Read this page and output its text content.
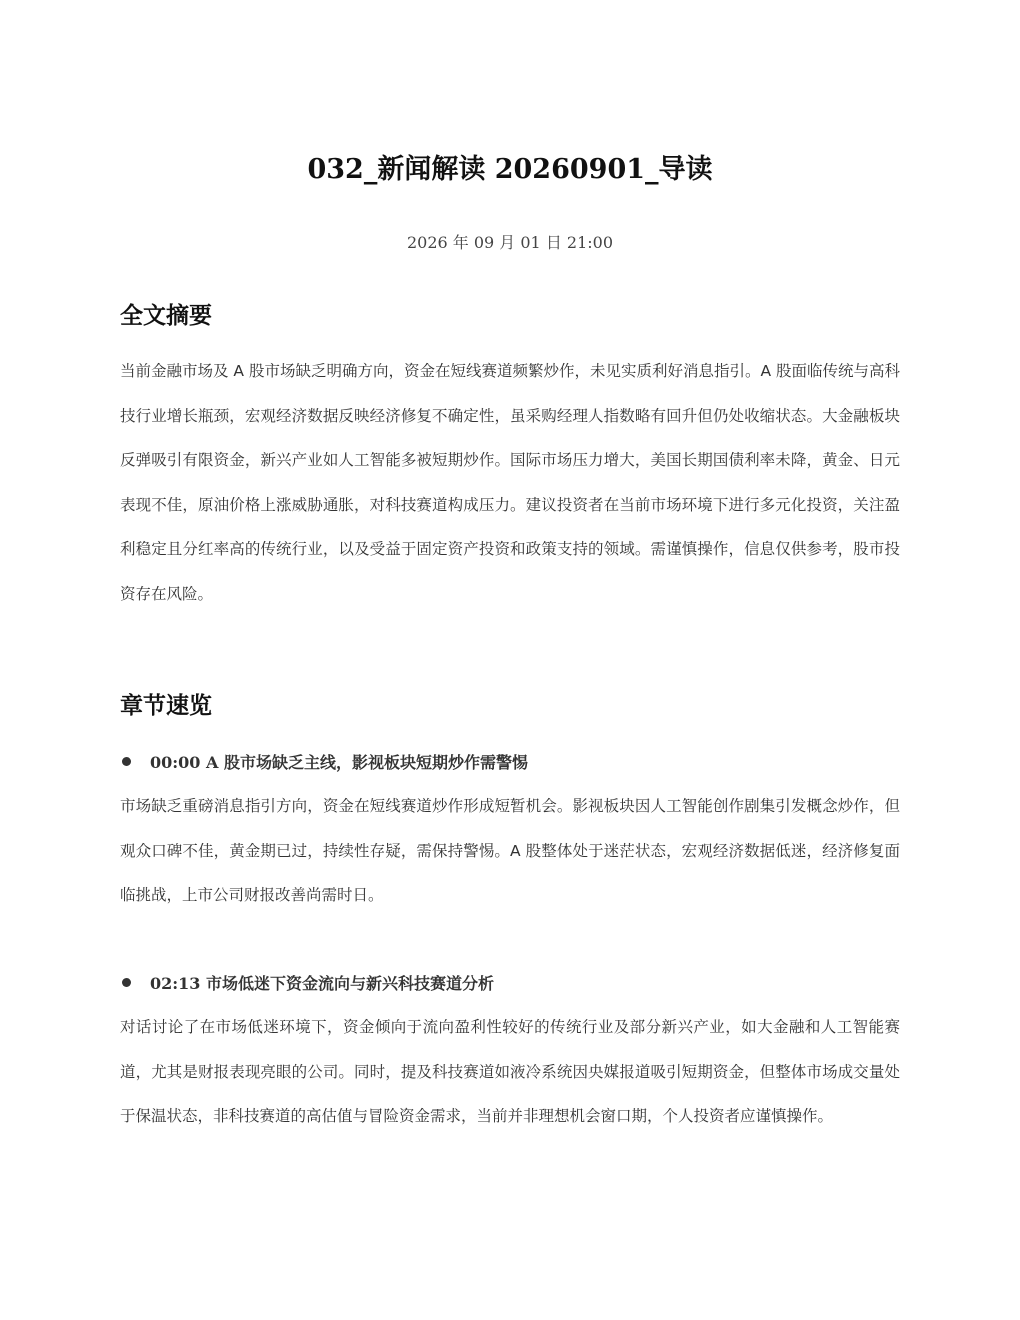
032_新闻解读 20260901_导读
2026 年 09 月 01 日 21:00
全文摘要

当前金融市场及 A 股市场缺乏明确方向，资金在短线赛道频繁炒作，未见实质利好消息指引。A 股面临传统与高科技行业增长瓶颈，宏观经济数据反映经济修复不确定性，虽采购经理人指数略有回升但仍处收缩状态。大金融板块反弹吸引有限资金，新兴产业如人工智能多被短期炒作。国际市场压力增大，美国长期国债利率未降，黄金、日元表现不佳，原油价格上涨威胁通胀，对科技赛道构成压力。建议投资者在当前市场环境下进行多元化投资，关注盈利稳定且分红率高的传统行业，以及受益于固定资产投资和政策支持的领域。需谨慎操作，信息仅供参考，股市投资存在风险。

章节速览
00:00 A 股市场缺乏主线，影视板块短期炒作需警惕

市场缺乏重磅消息指引方向，资金在短线赛道炒作形成短暂机会。影视板块因人工智能创作剧集引发概念炒作，但观众口碑不佳，黄金期已过，持续性存疑，需保持警惕。A 股整体处于迷茫状态，宏观经济数据低迷，经济修复面临挑战，上市公司财报改善尚需时日。

02:13 市场低迷下资金流向与新兴科技赛道分析

对话讨论了在市场低迷环境下，资金倾向于流向盈利性较好的传统行业及部分新兴产业，如大金融和人工智能赛道，尤其是财报表现亮眼的公司。同时，提及科技赛道如液冷系统因央媒报道吸引短期资金，但整体市场成交量处于保温状态，非科技赛道的高估值与冒险资金需求，当前并非理想机会窗口期，个人投资者应谨慎操作。
